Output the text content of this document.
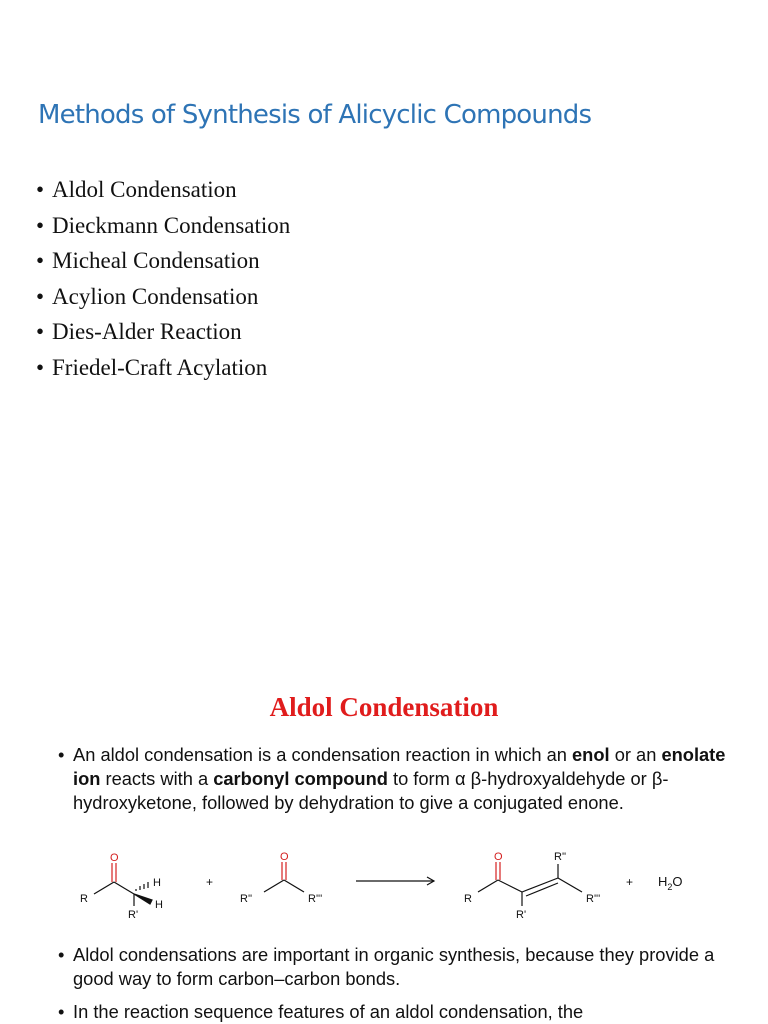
Methods of Synthesis of Alicyclic Compounds
• Aldol Condensation
• Dieckmann Condensation
• Micheal Condensation
• Acylion Condensation
• Dies-Alder Reaction
• Friedel-Craft Acylation
Aldol Condensation
• An aldol condensation is a condensation reaction in which an enol or an enolate ion reacts with a carbonyl compound to form α β-hydroxyaldehyde or β-hydroxyketone, followed by dehydration to give a conjugated enone.
O
R
H
H
R'
+
O
R''	R'''
O
R
R''
R'''
R'
+ $H_2O$
• Aldol condensations are important in organic synthesis, because they provide a good way to form carbon–carbon bonds.
• In the reaction sequence features of an aldol condensation, the
